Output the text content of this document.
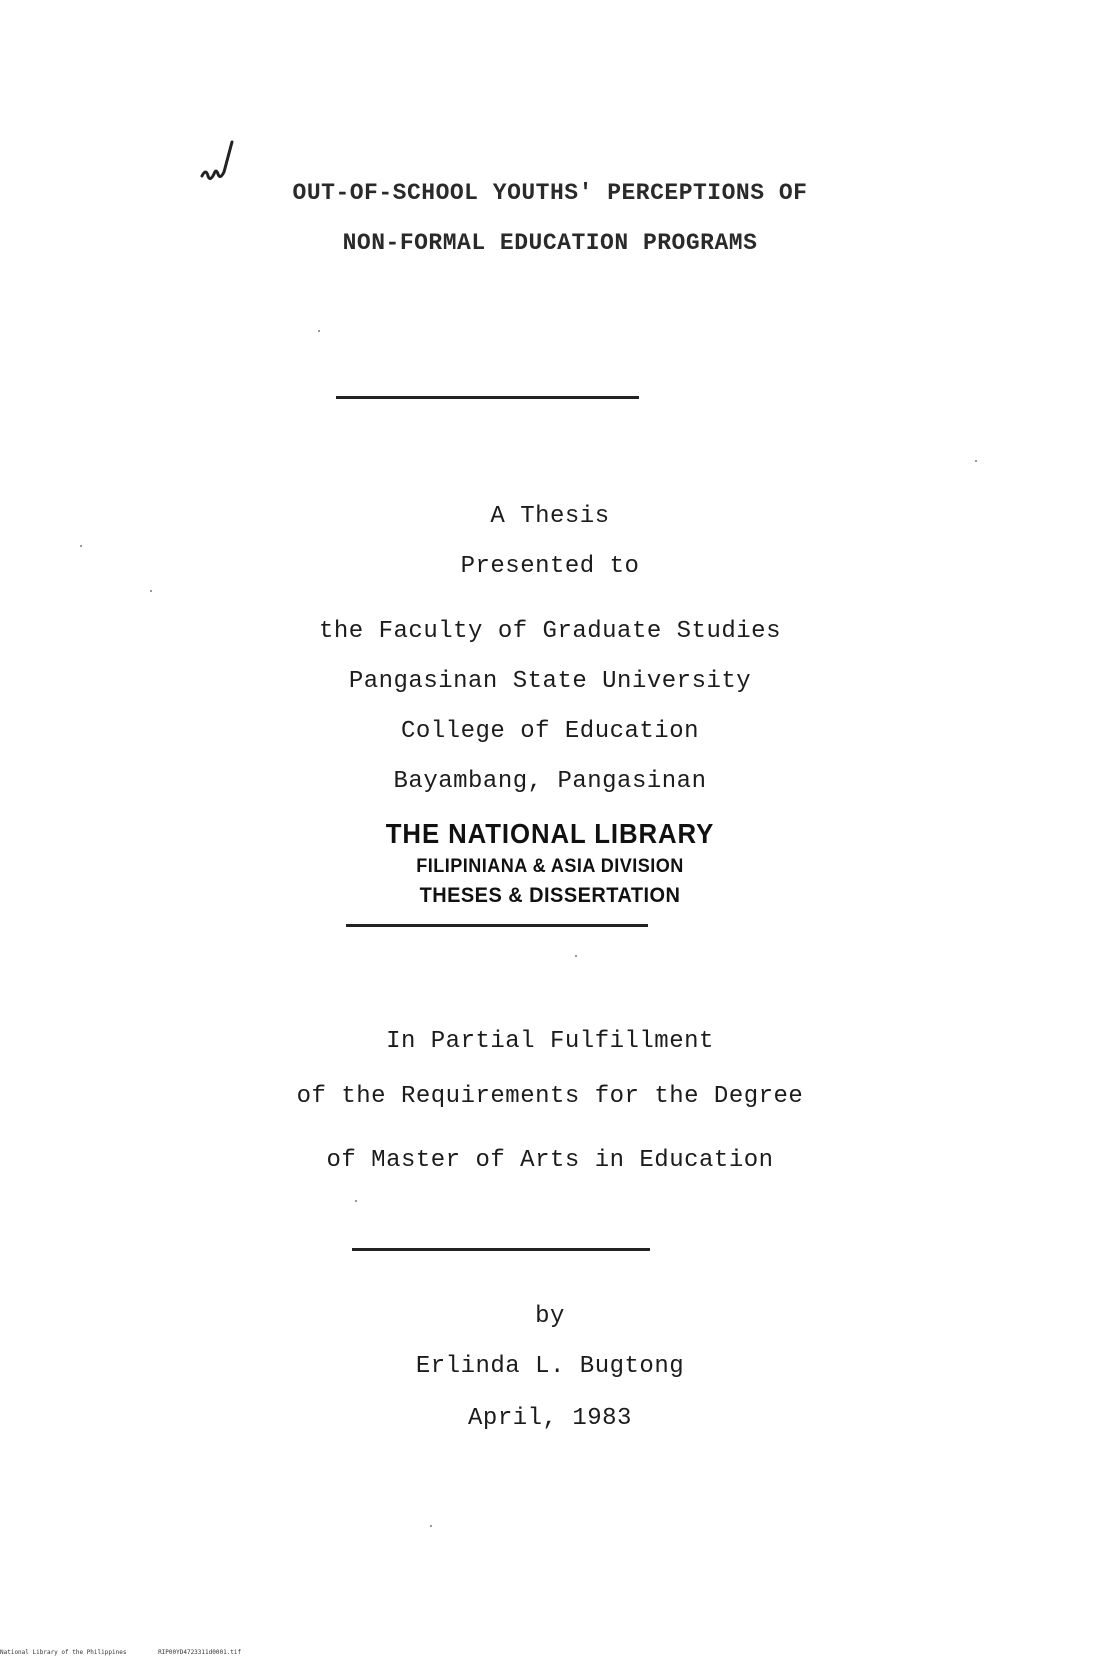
OUT-OF-SCHOOL YOUTHS' PERCEPTIONS OF
NON-FORMAL EDUCATION PROGRAMS
A Thesis
Presented to
the Faculty of Graduate Studies
Pangasinan State University
College of Education
Bayambang, Pangasinan
THE NATIONAL LIBRARY
FILIPINIANA & ASIA DIVISION
THESES & DISSERTATION
In Partial Fulfillment
of the Requirements for the Degree
of Master of Arts in Education
by
Erlinda L. Bugtong
April, 1983
National Library of the Philippines	RIP00YD4723311d0001.tif
